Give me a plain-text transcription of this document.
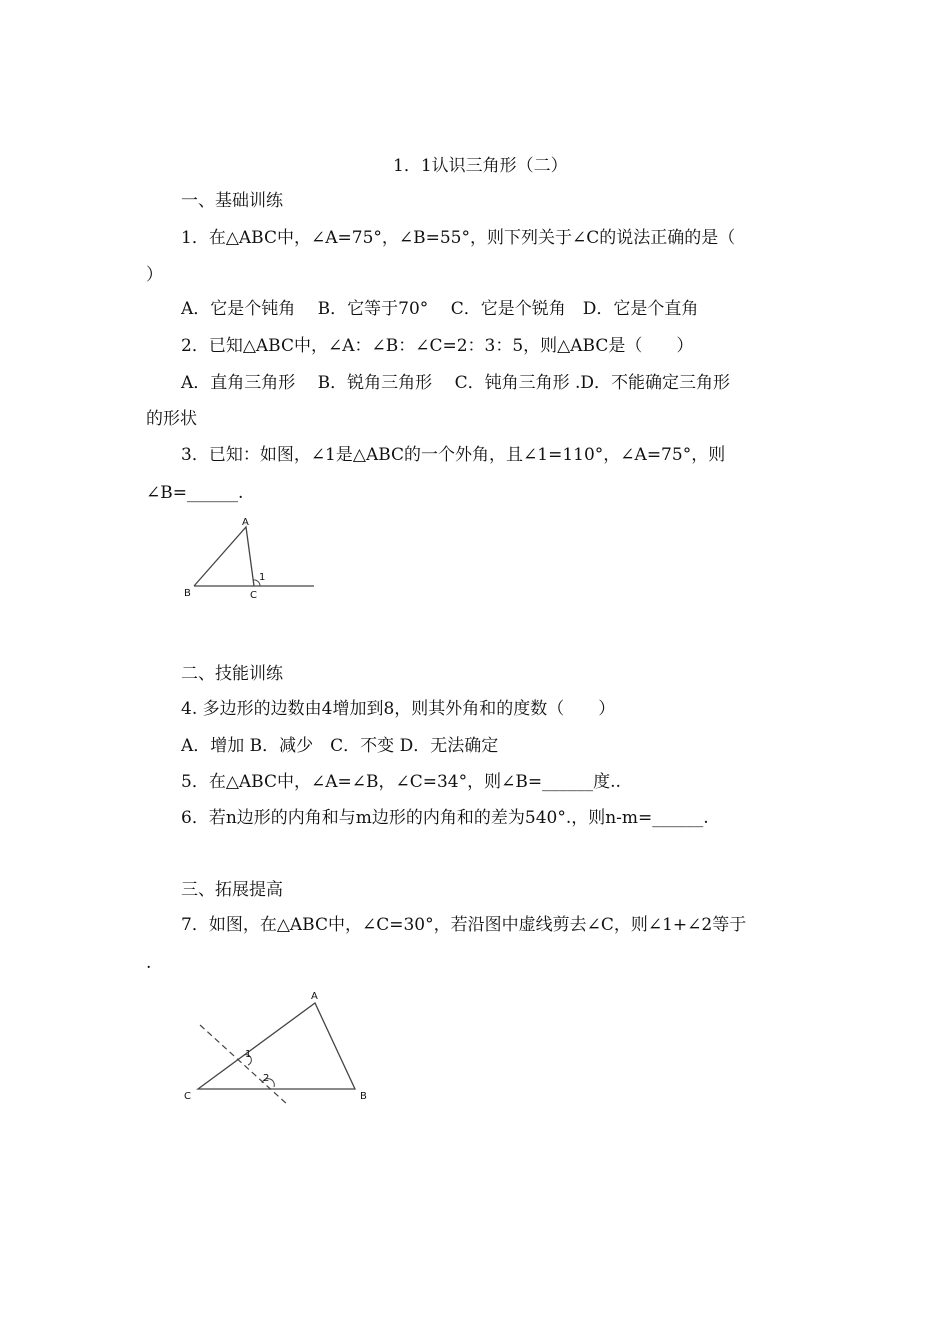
1．1认识三角形（二）
一、基础训练
1．在△ABC中，∠A=75°，∠B=55°，则下列关于∠C的说法正确的是（
）
A．它是个钝角　 B．它等于70°　 C．它是个锐角　D．它是个直角
2．已知△ABC中，∠A：∠B：∠C=2：3：5，则△ABC是（　　）
A．直角三角形　 B．锐角三角形　 C．钝角三角形 .D．不能确定三角形
的形状
3．已知：如图，∠1是△ABC的一个外角，且∠1=110°，∠A=75°，则
∠B=______.
A
B	C
1
二、技能训练
4. 多边形的边数由4增加到8，则其外角和的度数（　　）
A．增加 B．减少　C．不变 D．无法确定
5．在△ABC中，∠A=∠B，∠C=34°，则∠B=______度..
6．若n边形的内角和与m边形的内角和的差为540°.，则n-m=______.
三、拓展提高
7．如图，在△ABC中，∠C=30°，若沿图中虚线剪去∠C，则∠1+∠2等于
.
A
B
C
1
2
